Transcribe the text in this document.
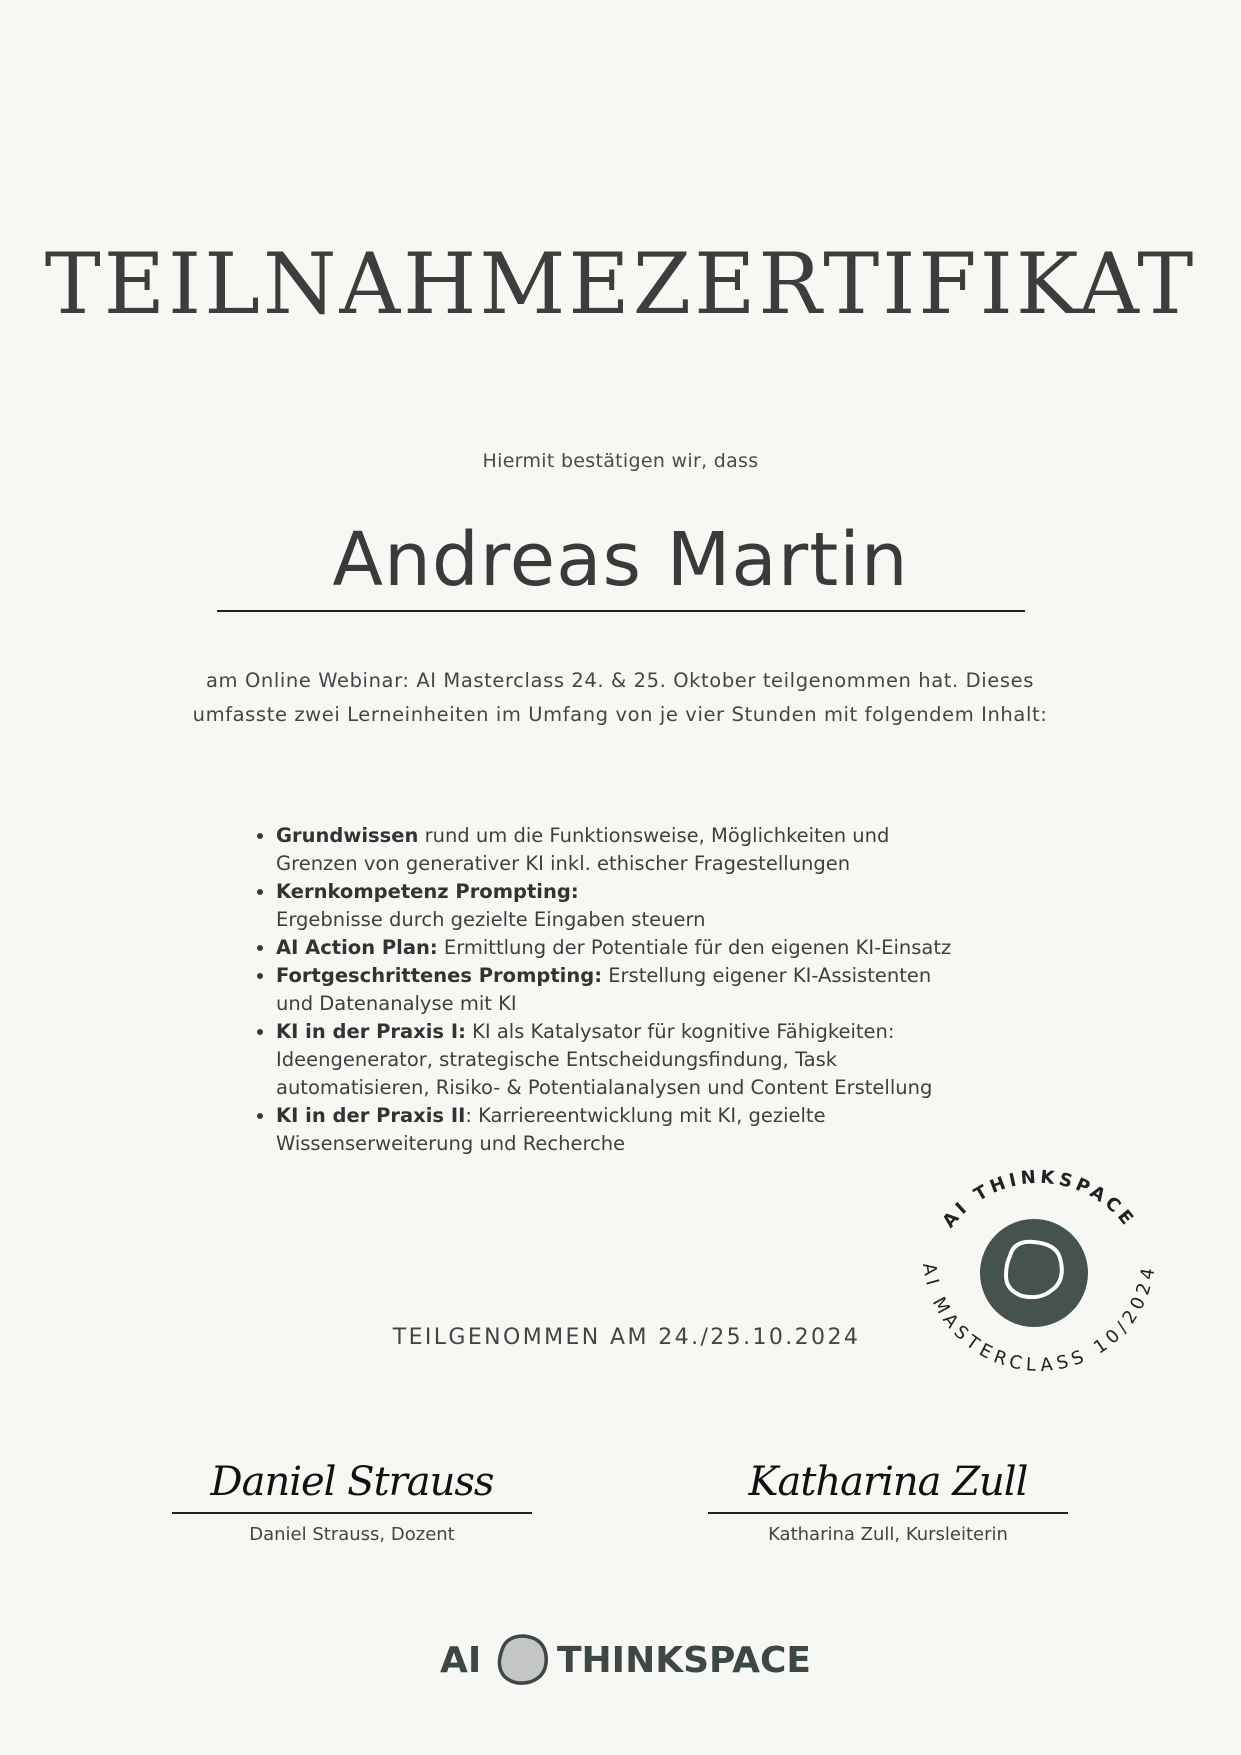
TEILNAHMEZERTIFIKAT
Hiermit bestätigen wir, dass
Andreas Martin
am Online Webinar: AI Masterclass 24. & 25. Oktober teilgenommen hat. Dieses
umfasste zwei Lerneinheiten im Umfang von je vier Stunden mit folgendem Inhalt:
• Grundwissen rund um die Funktionsweise, Möglichkeiten und
Grenzen von generativer KI inkl. ethischer Fragestellungen
• Kernkompetenz Prompting:
Ergebnisse durch gezielte Eingaben steuern
• AI Action Plan: Ermittlung der Potentiale für den eigenen KI-Einsatz
• Fortgeschrittenes Prompting: Erstellung eigener KI-Assistenten
und Datenanalyse mit KI
• KI in der Praxis I: KI als Katalysator für kognitive Fähigkeiten:
Ideengenerator, strategische Entscheidungsfindung, Task
automatisieren, Risiko- & Potentialanalysen und Content Erstellung
• KI in der Praxis II: Karriereentwicklung mit KI, gezielte
Wissenserweiterung und Recherche
TEILGENOMMEN AM 24./25.10.2024
AI THINKSPACE
AI MASTERCLASS 10/2024
Daniel Strauss
Daniel Strauss, Dozent
Katharina Zull
Katharina Zull, Kursleiterin
AI THINKSPACE
